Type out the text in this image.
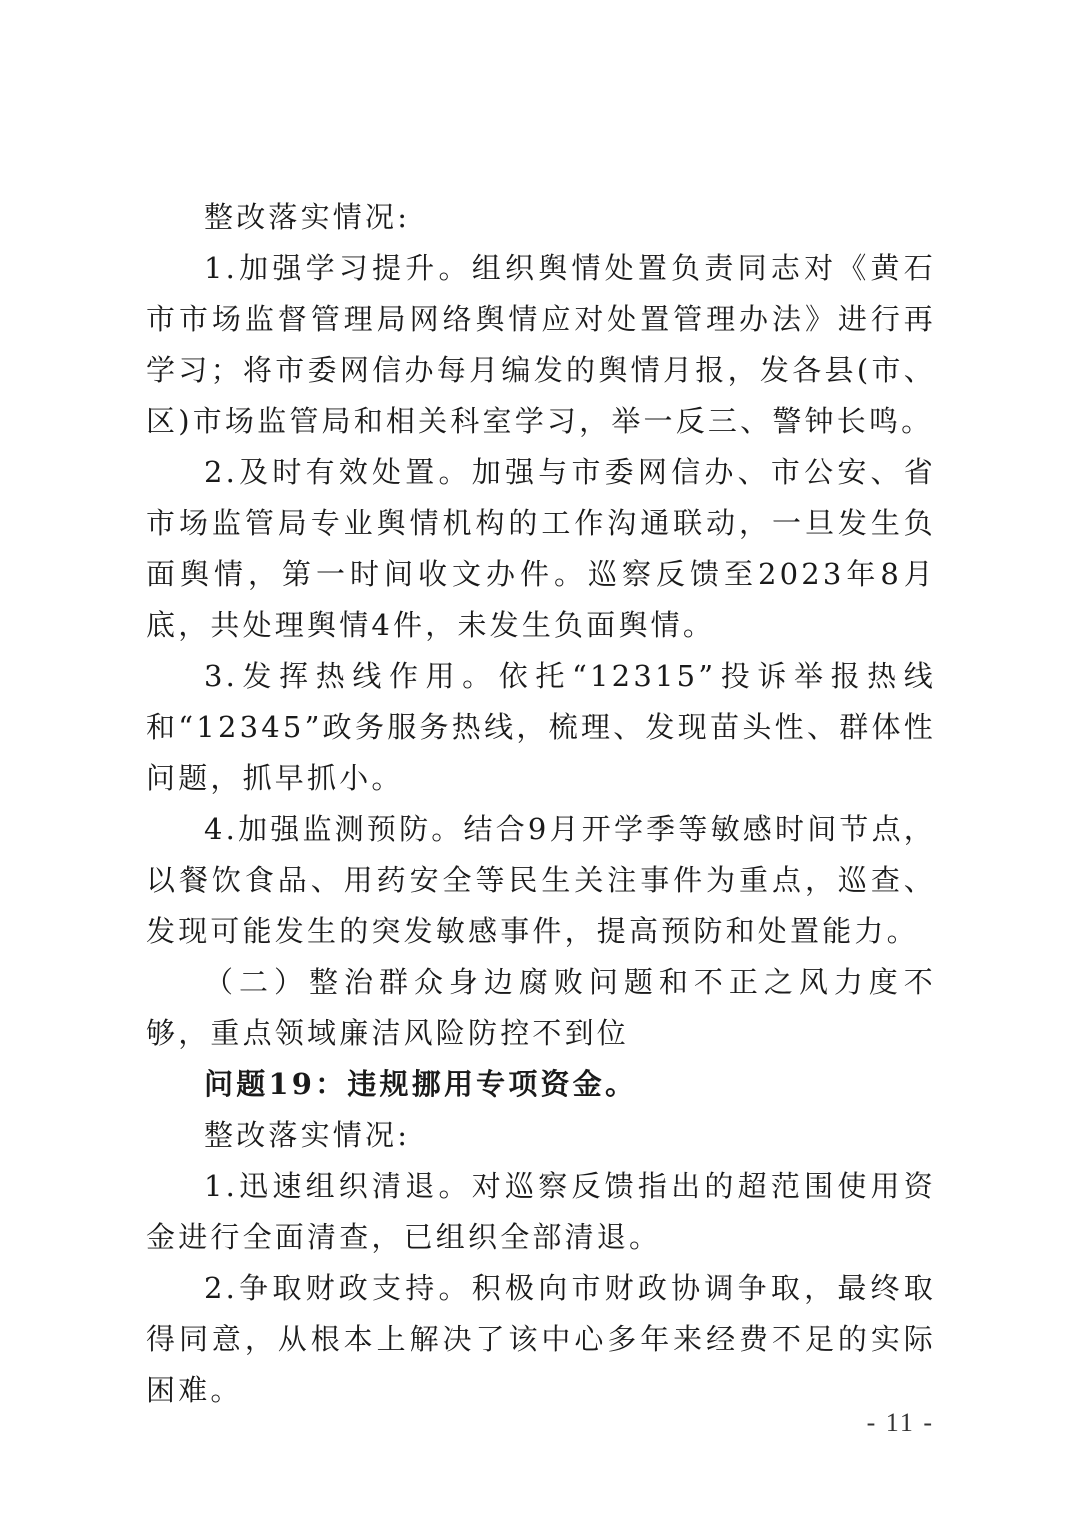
整改落实情况:

1.加强学习提升。组织舆情处置负责同志对《黄石市市场监督管理局网络舆情应对处置管理办法》进行再学习；将市委网信办每月编发的舆情月报，发各县(市、区)市场监管局和相关科室学习，举一反三、警钟长鸣。

2.及时有效处置。加强与市委网信办、市公安、省市场监管局专业舆情机构的工作沟通联动，一旦发生负面舆情，第一时间收文办件。巡察反馈至2023年8月底，共处理舆情4件，未发生负面舆情。

3.发挥热线作用。依托“12315”投诉举报热线和“12345”政务服务热线，梳理、发现苗头性、群体性问题，抓早抓小。

4.加强监测预防。结合9月开学季等敏感时间节点，以餐饮食品、用药安全等民生关注事件为重点，巡查、发现可能发生的突发敏感事件，提高预防和处置能力。

（二）整治群众身边腐败问题和不正之风力度不够，重点领域廉洁风险防控不到位

问题19：违规挪用专项资金。

整改落实情况:

1.迅速组织清退。对巡察反馈指出的超范围使用资金进行全面清查，已组织全部清退。

2.争取财政支持。积极向市财政协调争取，最终取得同意，从根本上解决了该中心多年来经费不足的实际困难。

- 11 -
